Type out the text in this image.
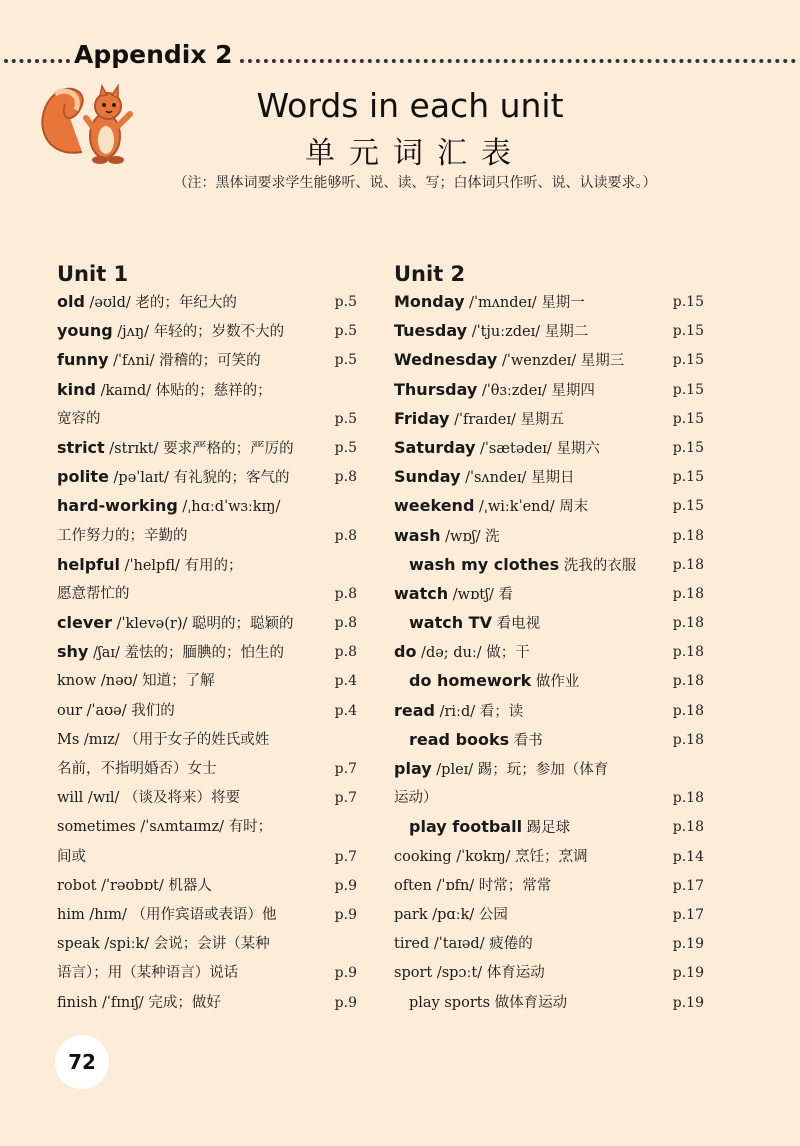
Appendix 2
Words in each unit
单元词汇表
（注：黑体词要求学生能够听、说、读、写；白体词只作听、说、认读要求。）
Unit 1
old /əʊld/ 老的；年纪大的	p.5
young /jʌŋ/ 年轻的；岁数不大的	p.5
funny /ˈfʌni/ 滑稽的；可笑的	p.5
kind /kaɪnd/ 体贴的；慈祥的；
宽容的	p.5
strict /strɪkt/ 要求严格的；严厉的	p.5
polite /pəˈlaɪt/ 有礼貌的；客气的	p.8
hard-working /ˌhɑːdˈwɜːkɪŋ/
工作努力的；辛勤的	p.8
helpful /ˈhelpfl/ 有用的；
愿意帮忙的	p.8
clever /ˈklevə(r)/ 聪明的；聪颖的	p.8
shy /ʃaɪ/ 羞怯的；腼腆的；怕生的	p.8
know /nəʊ/ 知道；了解	p.4
our /ˈaʊə/ 我们的	p.4
Ms /mɪz/ （用于女子的姓氏或姓
名前，不指明婚否）女士	p.7
will /wɪl/ （谈及将来）将要	p.7
sometimes /ˈsʌmtaɪmz/ 有时；
间或	p.7
robot /ˈrəʊbɒt/ 机器人	p.9
him /hɪm/ （用作宾语或表语）他	p.9
speak /spiːk/ 会说；会讲（某种
语言）；用（某种语言）说话	p.9
finish /ˈfɪnɪʃ/ 完成；做好	p.9
Unit 2
Monday /ˈmʌndeɪ/ 星期一	p.15
Tuesday /ˈtjuːzdeɪ/ 星期二	p.15
Wednesday /ˈwenzdeɪ/ 星期三	p.15
Thursday /ˈθɜːzdeɪ/ 星期四	p.15
Friday /ˈfraɪdeɪ/ 星期五	p.15
Saturday /ˈsætədeɪ/ 星期六	p.15
Sunday /ˈsʌndeɪ/ 星期日	p.15
weekend /ˌwiːkˈend/ 周末	p.15
wash /wɒʃ/ 洗	p.18
wash my clothes 洗我的衣服	p.18
watch /wɒtʃ/ 看	p.18
watch TV 看电视	p.18
do /də; duː/ 做；干	p.18
do homework 做作业	p.18
read /riːd/ 看；读	p.18
read books 看书	p.18
play /pleɪ/ 踢；玩；参加（体育
运动）	p.18
play football 踢足球	p.18
cooking /ˈkʊkɪŋ/ 烹饪；烹调	p.14
often /ˈɒfn/ 时常；常常	p.17
park /pɑːk/ 公园	p.17
tired /ˈtaɪəd/ 疲倦的	p.19
sport /spɔːt/ 体育运动	p.19
play sports 做体育运动	p.19
72
